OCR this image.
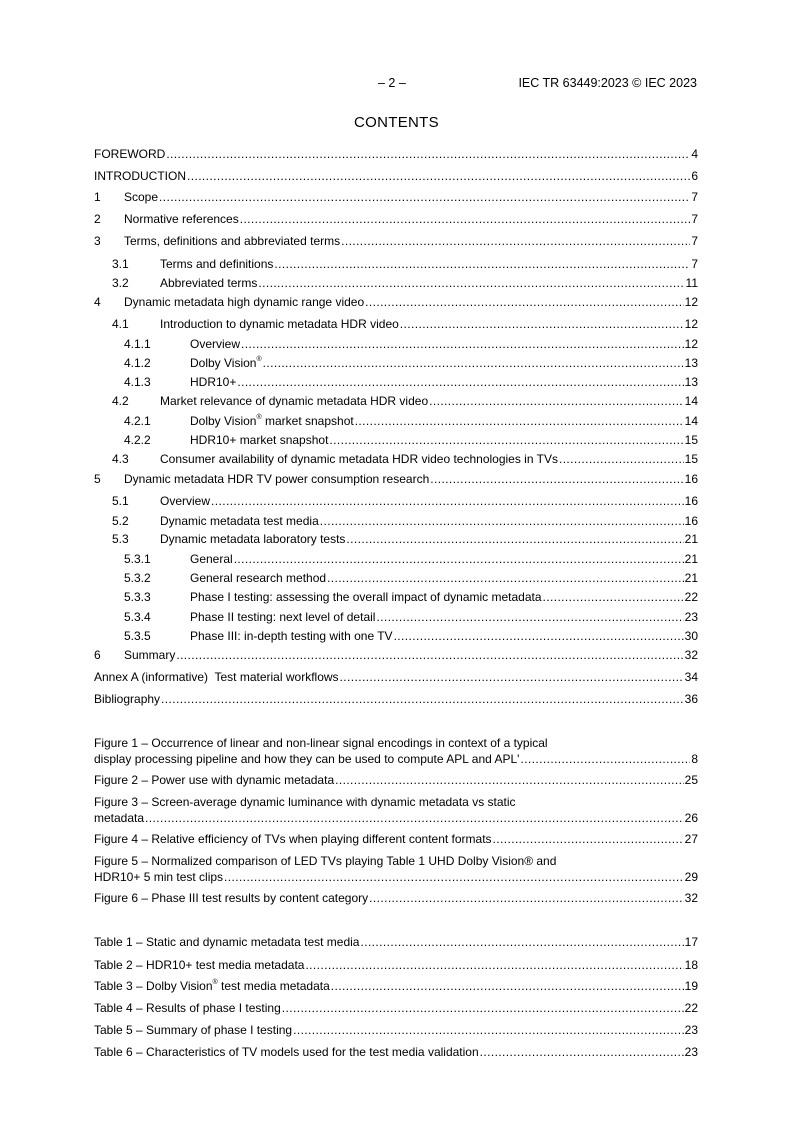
– 2 –	IEC TR 63449:2023 © IEC 2023
CONTENTS
FOREWORD .....	4
INTRODUCTION .....	6
1	Scope .....	7
2	Normative references .....	7
3	Terms, definitions and abbreviated terms .....	7
3.1	Terms and definitions .....	7
3.2	Abbreviated terms .....	11
4	Dynamic metadata high dynamic range video .....	12
4.1	Introduction to dynamic metadata HDR video .....	12
4.1.1	Overview .....	12
4.1.2	Dolby Vision® .....	13
4.1.3	HDR10+ .....	13
4.2	Market relevance of dynamic metadata HDR video .....	14
4.2.1	Dolby Vision® market snapshot .....	14
4.2.2	HDR10+ market snapshot .....	15
4.3	Consumer availability of dynamic metadata HDR video technologies in TVs .....	15
5	Dynamic metadata HDR TV power consumption research .....	16
5.1	Overview .....	16
5.2	Dynamic metadata test media .....	16
5.3	Dynamic metadata laboratory tests .....	21
5.3.1	General .....	21
5.3.2	General research method .....	21
5.3.3	Phase I testing: assessing the overall impact of dynamic metadata .....	22
5.3.4	Phase II testing: next level of detail .....	23
5.3.5	Phase III: in-depth testing with one TV .....	30
6	Summary .....	32
Annex A (informative)  Test material workflows .....	34
Bibliography .....	36
Figure 1 – Occurrence of linear and non-linear signal encodings in context of a typical
display processing pipeline and how they can be used to compute APL and APL' .....	8
Figure 2 – Power use with dynamic metadata .....	25
Figure 3 – Screen-average dynamic luminance with dynamic metadata vs static
metadata .....	26
Figure 4 – Relative efficiency of TVs when playing different content formats .....	27
Figure 5 – Normalized comparison of LED TVs playing Table 1 UHD Dolby Vision® and
HDR10+ 5 min test clips .....	29
Figure 6 – Phase III test results by content category .....	32
Table 1 – Static and dynamic metadata test media .....	17
Table 2 – HDR10+ test media metadata .....	18
Table 3 – Dolby Vision® test media metadata .....	19
Table 4 – Results of phase I testing .....	22
Table 5 – Summary of phase I testing .....	23
Table 6 – Characteristics of TV models used for the test media validation .....	23
